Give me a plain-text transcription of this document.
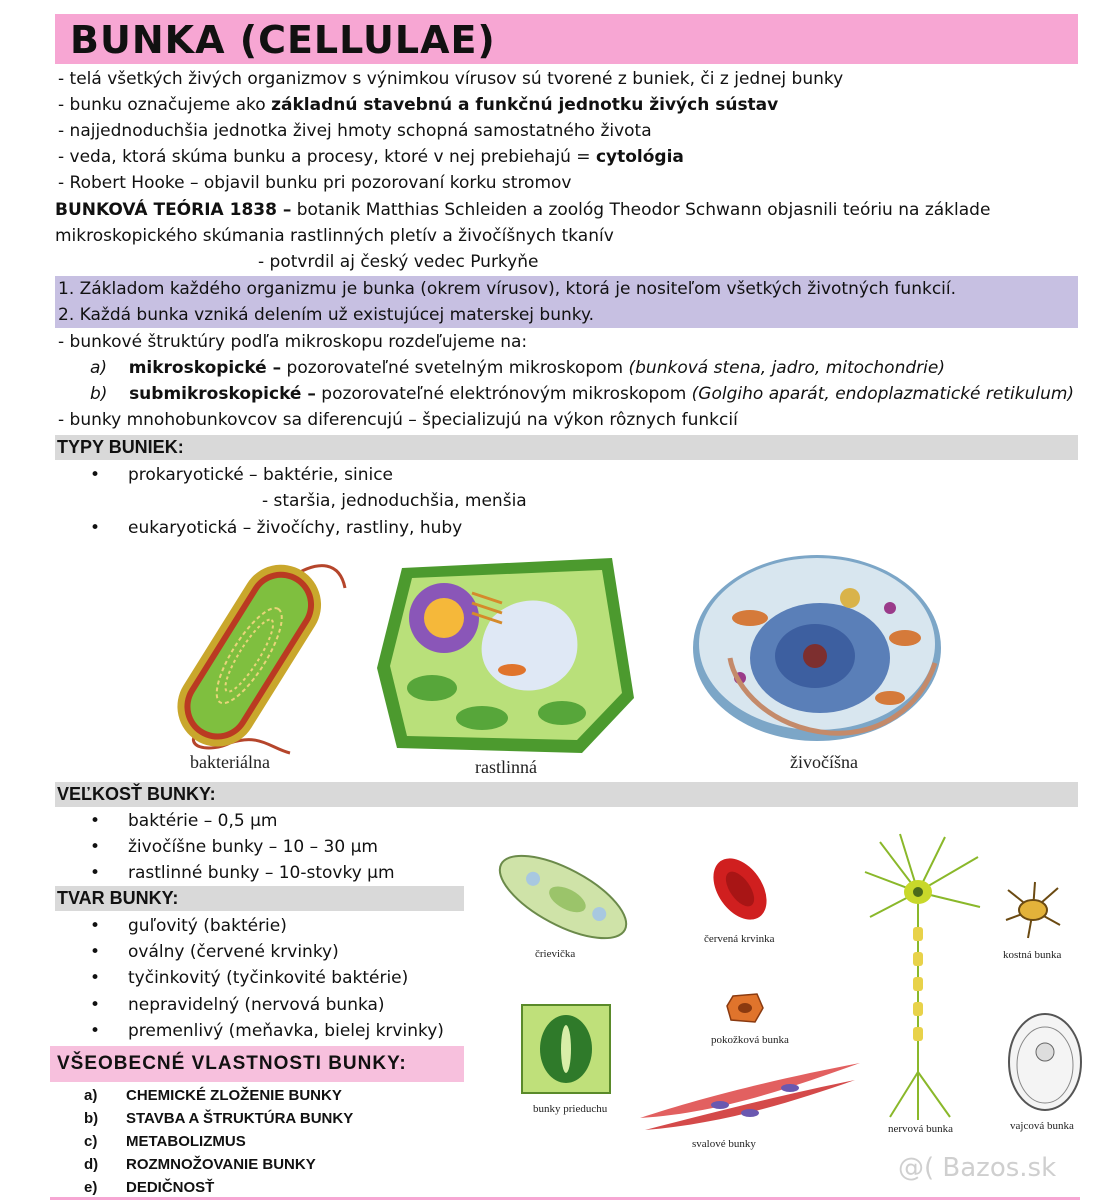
BUNKA (CELLULAE)
- telá všetkých živých organizmov s výnimkou vírusov sú tvorené z buniek, či z jednej bunky
- bunku označujeme ako základnú stavebnú a funkčnú jednotku živých sústav
- najjednoduchšia jednotka živej hmoty schopná samostatného života
- veda, ktorá skúma bunku a procesy, ktoré v nej prebiehajú = cytológia
- Robert Hooke – objavil bunku pri pozorovaní korku stromov
BUNKOVÁ TEÓRIA 1838 – botanik Matthias Schleiden a zoológ Theodor Schwann objasnili teóriu na základe
mikroskopického skúmania rastlinných pletív a živočíšnych tkanív
- potvrdil aj český vedec Purkyňe
1. Základom každého organizmu je bunka (okrem vírusov), ktorá je nositeľom všetkých životných funkcií.
2. Každá bunka vzniká delením už existujúcej materskej bunky.
- bunkové štruktúry podľa mikroskopu rozdeľujeme na:
a) mikroskopické – pozorovateľné svetelným mikroskopom (bunková stena, jadro, mitochondrie)
b) submikroskopické – pozorovateľné elektrónovým mikroskopom (Golgiho aparát, endoplazmatické retikulum)
- bunky mnohobunkovcov sa diferencujú – špecializujú na výkon rôznych funkcií
TYPY BUNIEK:
• prokaryotické – baktérie, sinice
- staršia, jednoduchšia, menšia
• eukaryotická – živočíchy, rastliny, huby
bakteriálna	rastlinná	živočíšna
VEĽKOSŤ BUNKY:
• baktérie – 0,5 µm
• živočíšne bunky – 10 – 30 µm
• rastlinné bunky – 10-stovky µm
TVAR BUNKY:
• guľovitý (baktérie)
• oválny (červené krvinky)
• tyčinkovitý (tyčinkovité baktérie)
• nepravidelný (nervová bunka)
• premenlivý (meňavka, bielej krvinky)
VŠEOBECNÉ VLASTNOSTI BUNKY:
a) CHEMICKÉ ZLOŽENIE BUNKY
b) STAVBA A ŠTRUKTÚRA BUNKY
c) METABOLIZMUS
d) ROZMNOŽOVANIE BUNKY
e) DEDIČNOSŤ
črievička
červená krvinka
kostná bunka
pokožková bunka
bunky prieduchu
svalové bunky
nervová bunka	vajcová bunka
@( Bazos.sk
